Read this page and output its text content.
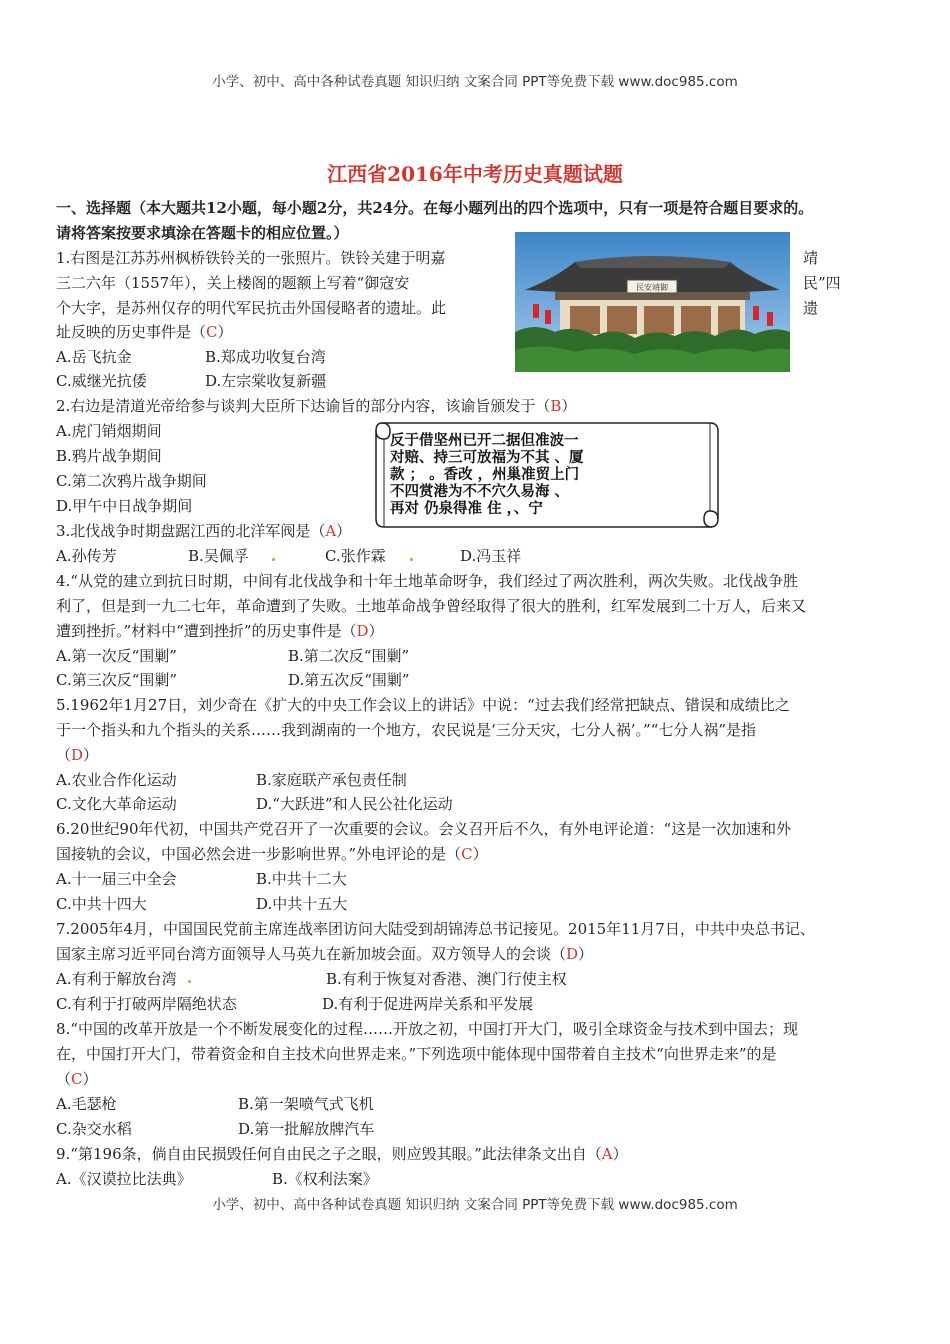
小学、初中、高中各种试卷真题 知识归纳 文案合同 PPT等免费下载 www.doc985.com
江西省2016年中考历史真题试题
一、选择题（本大题共12小题，每小题2分，共24分。在每小题列出的四个选项中，只有一项是符合题目要求的。
请将答案按要求填涂在答题卡的相应位置。）
民安靖御
1.右图是江苏苏州枫桥铁铃关的一张照片。铁铃关建于明嘉	靖
三二六年（1557年），关上楼阁的题额上写着“御寇安	民”四
个大字，是苏州仅存的明代军民抗击外国侵略者的遗址。此	遗
址反映的历史事件是（C）
A.岳飞抗金	B.郑成功收复台湾
C.威继光抗倭	D.左宗棠收复新疆
2.右边是清道光帝给参与谈判大臣所下达谕旨的部分内容，该谕旨颁发于（B）
A.虎门销烟期间
B.鸦片战争期间
C.第二次鸦片战争期间
D.甲午中日战争期间
反于借坚州已开二据但准波一
对赔、持三可放福为不其 、厦
款 ； 。香改 ，州巢准贸上门
不四赏港为不不穴久易海 、
再对 仍泉得准 住 ，、宁
3.北伐战争时期盘踞江西的北洋军阀是（A）
A.孙传芳	B.吴佩孚	C.张作霖	D.冯玉祥
4.“从党的建立到抗日时期，中间有北伐战争和十年土地革命呀争，我们经过了两次胜利，两次失败。北伐战争胜
利了，但是到一九二七年，革命遭到了失败。土地革命战争曾经取得了很大的胜利，红军发展到二十万人，后来又
遭到挫折。”材料中“遭到挫折”的历史事件是（D）
A.第一次反“围剿”	B.第二次反“围剿”
C.第三次反“围剿”	D.第五次反“围剿”
5.1962年1月27日，刘少奇在《扩大的中央工作会议上的讲话》中说：“过去我们经常把缺点、错误和成绩比之
于一个指头和九个指头的关系……我到湖南的一个地方，农民说是‘三分天灾，七分人祸’。”“七分人祸”是指
（D）
A.农业合作化运动	B.家庭联产承包责任制
C.文化大革命运动	D.“大跃进”和人民公社化运动
6.20世纪90年代初，中国共产党召开了一次重要的会议。会义召开后不久，有外电评论道：“这是一次加速和外
国接轨的会议，中国必然会进一步影响世界。”外电评论的是（C）
A.十一届三中全会	B.中共十二大
C.中共十四大	D.中共十五大
7.2005年4月，中国国民党前主席连战率团访问大陆受到胡锦涛总书记接见。2015年11月7日，中共中央总书记、
国家主席习近平同台湾方面领导人马英九在新加坡会面。双方领导人的会谈（D）
A.有利于解放台湾	B.有利于恢复对香港、澳门行使主权
C.有利于打破两岸隔绝状态	D.有利于促进两岸关系和平发展
8.“中国的改革开放是一个不断发展变化的过程……开放之初，中国打开大门，吸引全球资金与技术到中国去；现
在，中国打开大门，带着资金和自主技术向世界走来。”下列选项中能体现中国带着自主技术“向世界走来”的是
（C）
A.毛瑟枪	B.第一架喷气式飞机
C.杂交水稻	D.第一批解放牌汽车
9.“第196条，倘自由民损毁任何自由民之子之眼，则应毁其眼。”此法律条文出自（A）
A.《汉谟拉比法典》	B.《权利法案》
小学、初中、高中各种试卷真题 知识归纳 文案合同 PPT等免费下载 www.doc985.com
